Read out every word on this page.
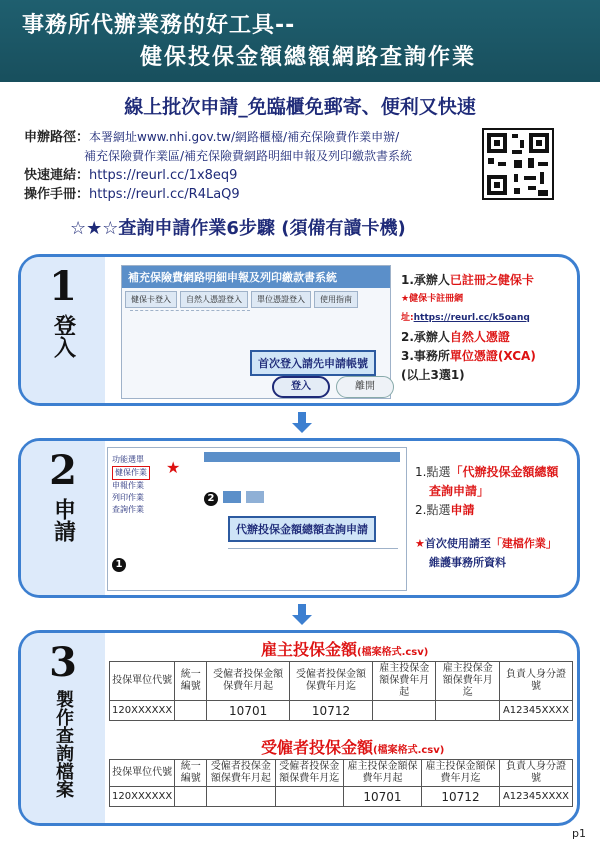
事務所代辦業務的好工具--
健保投保金額總額網路查詢作業
線上批次申請_免臨櫃免郵寄、便利又快速
申辦路徑： 本署網址www.nhi.gov.tw/網路櫃檯/補充保險費作業申辦/
補充保險費作業區/補充保險費網路明細申報及列印繳款書系統
快速連結： https://reurl.cc/1x8eq9
操作手冊： https://reurl.cc/R4LaQ9
☆★☆查詢申請作業6步驟 (須備有讀卡機)
1
登入
補充保險費網路明細申報及列印繳款書系統
健保卡登入	自然人憑證登入	單位憑證登入	使用指南
首次登入請先申請帳號
登入	離開
1.承辦人已註冊之健保卡
★健保卡註冊網址:https://reurl.cc/k5oanq
2.承辦人自然人憑證
3.事務所單位憑證(XCA)
(以上3選1)
2
申請
功能選單
健保作業
申報作業
列印作業
查詢作業
★
2
1
代辦投保金額總額查詢申請
1.點選「代辦投保金額總額
查詢申請」
2.點選申請
★首次使用請至「建檔作業」
維護事務所資料
3
製作查詢檔案
雇主投保金額(檔案格式.csv)
投保單位代號	統一編號	受僱者投保金額保費年月起	受僱者投保金額保費年月迄	雇主投保金額保費年月起	雇主投保金額保費年月迄	負責人身分證號
120XXXXXX		10701	10712			A12345XXXX
受僱者投保金額(檔案格式.csv)
投保單位代號	統一編號	受僱者投保金額保費年月起	受僱者投保金額保費年月迄	雇主投保金額保費年月起	雇主投保金額保費年月迄	負責人身分證號
120XXXXXX				10701	10712	A12345XXXX
p1
